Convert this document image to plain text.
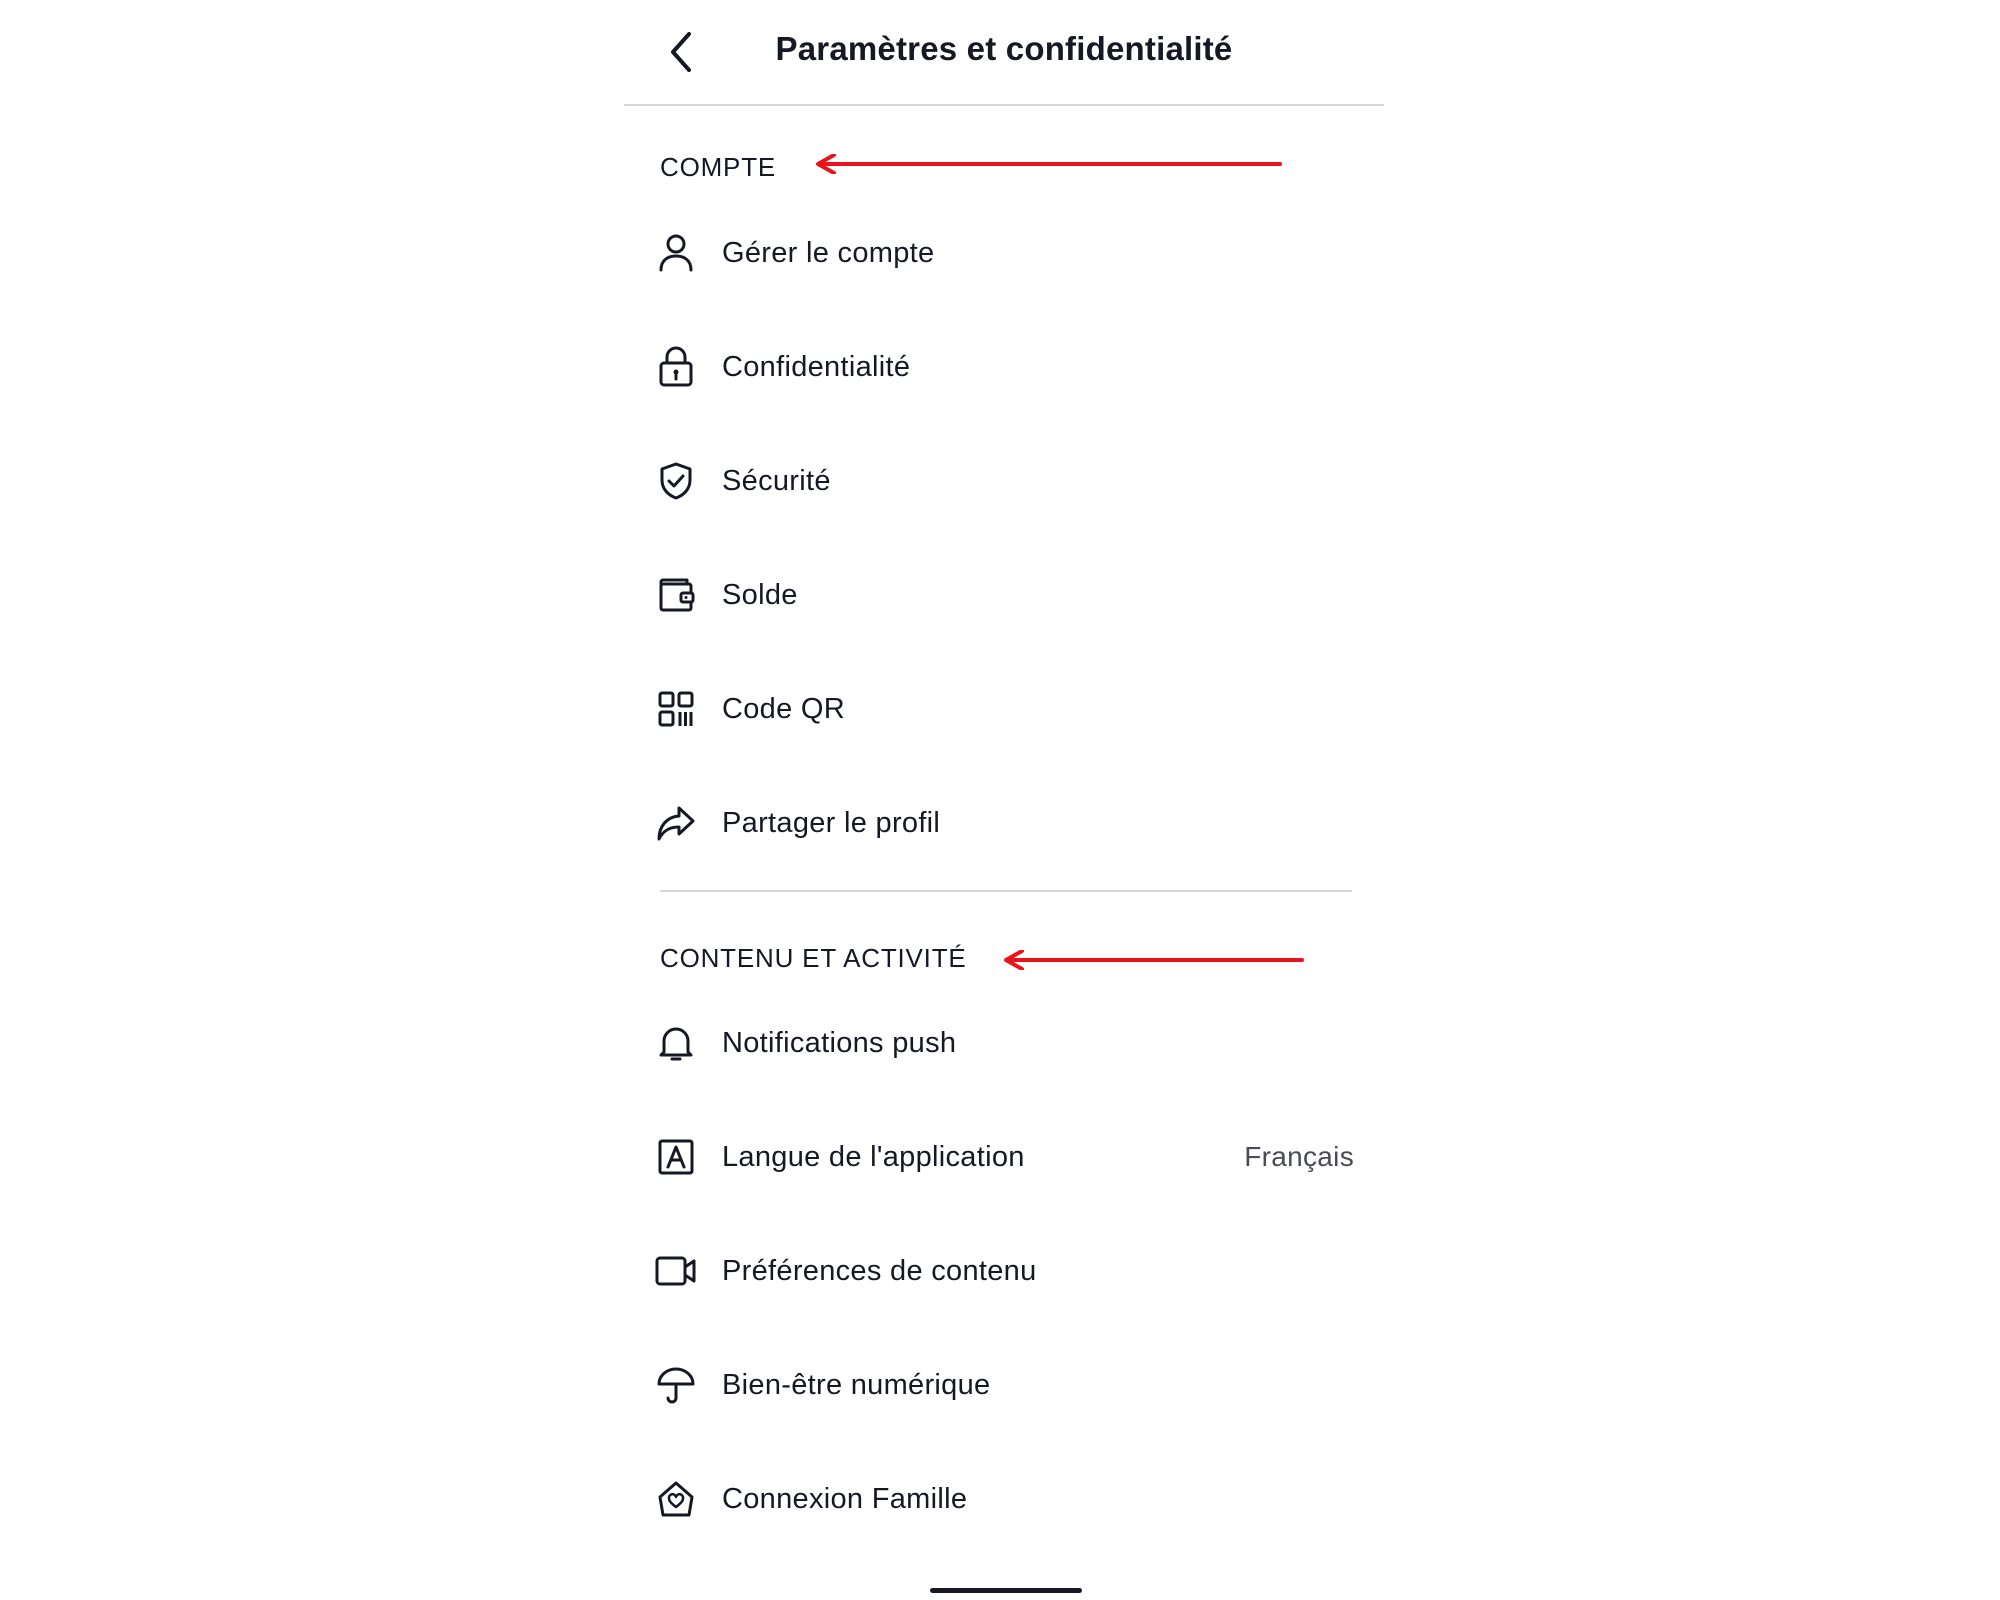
Paramètres et confidentialité
COMPTE
Gérer le compte
Confidentialité
Sécurité
Solde
Code QR
Partager le profil
CONTENU ET ACTIVITÉ
Notifications push
Langue de l'application	Français
Préférences de contenu
Bien-être numérique
Connexion Famille
